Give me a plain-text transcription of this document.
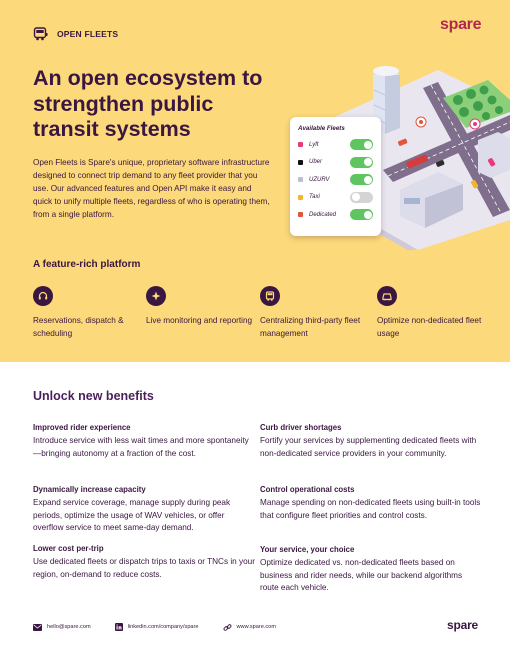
OPEN FLEETS
spare
An open ecosystem to strengthen public transit systems

Open Fleets is Spare's unique, proprietary software infrastructure designed to connect trip demand to any fleet provider that you use. Our advanced features and Open API make it easy and quick to unify multiple fleets, regardless of who is operating them, from a single platform.

Available Fleets
Lyft
Uber
UZURV
Taxi
Dedicated
A feature-rich platform
Reservations, dispatch & scheduling
Live monitoring and reporting Centralizing third-party fleet management
Optimize non-dedicated fleet usage
Unlock new benefits
Improved rider experience
Introduce service with less wait times and more spontaneity—bringing autonomy at a fraction of the cost.
Dynamically increase capacity
Expand service coverage, manage supply during peak periods, optimize the usage of WAV vehicles, or offer overflow service to meet same-day demand.
Lower cost per-trip
Use dedicated fleets or dispatch trips to taxis or TNCs in your region, on-demand to reduce costs.
Curb driver shortages
Fortify your services by supplementing dedicated fleets with non-dedicated service providers in your community.
Control operational costs
Manage spending on non-dedicated fleets using built-in tools that configure fleet priorities and control costs.
Your service, your choice
Optimize dedicated vs. non-dedicated fleets based on business and rider needs, while our backend algorithms route each vehicle.
hello@spare.com	linkedin.com/company/spare	www.spare.com	spare
